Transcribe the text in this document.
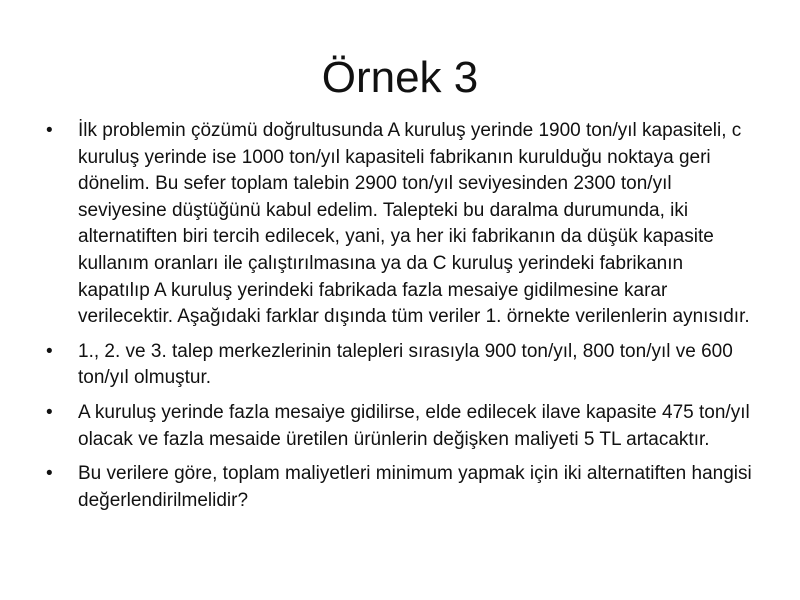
Örnek 3
•	İlk problemin çözümü doğrultusunda A kuruluş yerinde 1900 ton/yıl kapasiteli, c kuruluş yerinde ise 1000 ton/yıl kapasiteli fabrikanın kurulduğu noktaya geri dönelim. Bu sefer toplam talebin 2900 ton/yıl seviyesinden 2300 ton/yıl seviyesine düştüğünü kabul edelim. Talepteki bu daralma durumunda, iki alternatiften biri tercih edilecek, yani, ya her iki fabrikanın da düşük kapasite kullanım oranları ile çalıştırılmasına ya da C kuruluş yerindeki fabrikanın kapatılıp A kuruluş yerindeki fabrikada fazla mesaiye gidilmesine karar verilecektir. Aşağıdaki farklar dışında tüm veriler 1. örnekte verilenlerin aynısıdır.
•	1., 2. ve 3. talep merkezlerinin talepleri sırasıyla 900 ton/yıl, 800 ton/yıl ve 600 ton/yıl olmuştur.
•	A kuruluş yerinde fazla mesaiye gidilirse, elde edilecek ilave kapasite 475 ton/yıl olacak ve fazla mesaide üretilen ürünlerin değişken maliyeti 5 TL artacaktır.
•	Bu verilere göre, toplam maliyetleri minimum yapmak için iki alternatiften hangisi değerlendirilmelidir?
